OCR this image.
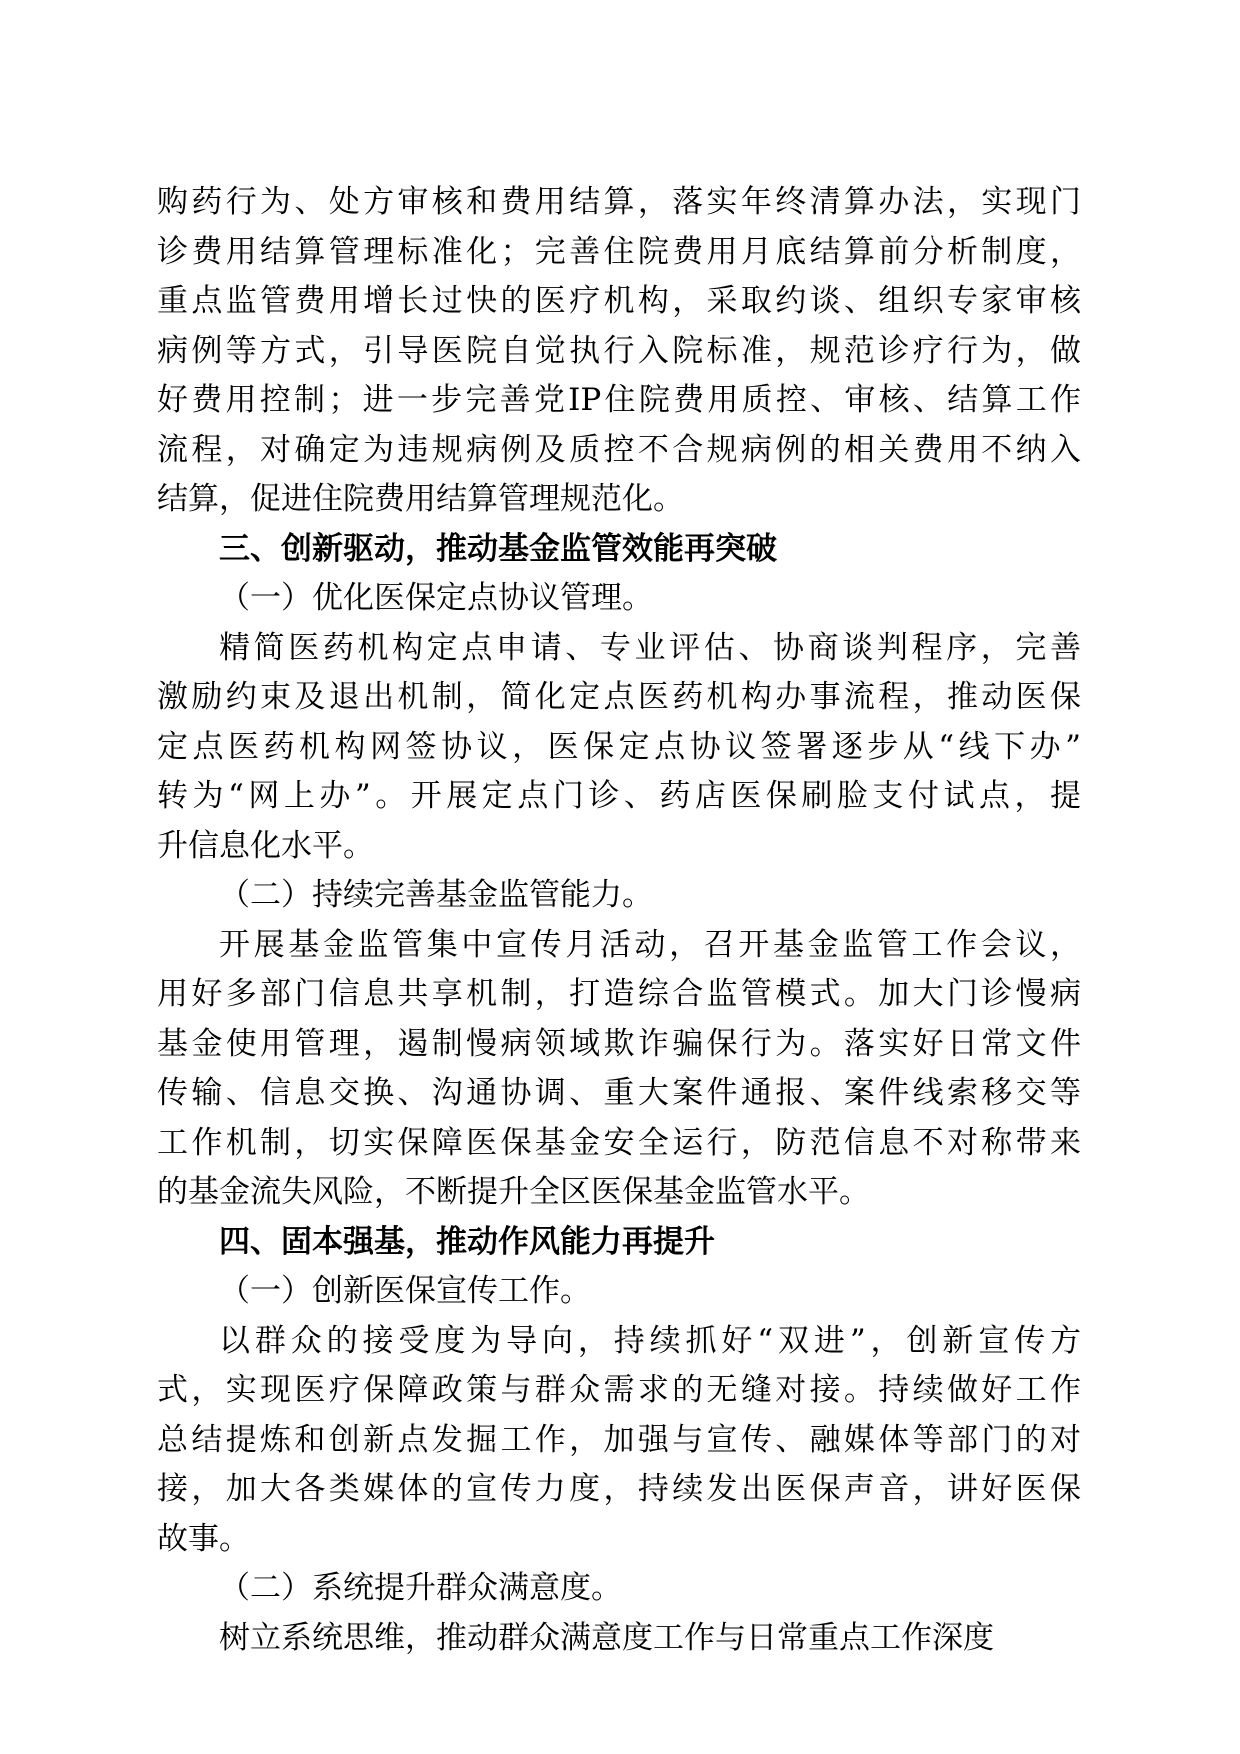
购药行为、处方审核和费用结算，落实年终清算办法，实现门
诊费用结算管理标准化；完善住院费用月底结算前分析制度，
重点监管费用增长过快的医疗机构，采取约谈、组织专家审核
病例等方式，引导医院自觉执行入院标准，规范诊疗行为，做
好费用控制；进一步完善党IP住院费用质控、审核、结算工作
流程，对确定为违规病例及质控不合规病例的相关费用不纳入
结算，促进住院费用结算管理规范化。
三、创新驱动，推动基金监管效能再突破
（一）优化医保定点协议管理。
精简医药机构定点申请、专业评估、协商谈判程序，完善
激励约束及退出机制，简化定点医药机构办事流程，推动医保
定点医药机构网签协议，医保定点协议签署逐步从“线下办”
转为“网上办”。开展定点门诊、药店医保刷脸支付试点，提
升信息化水平。
（二）持续完善基金监管能力。
开展基金监管集中宣传月活动，召开基金监管工作会议，
用好多部门信息共享机制，打造综合监管模式。加大门诊慢病
基金使用管理，遏制慢病领域欺诈骗保行为。落实好日常文件
传输、信息交换、沟通协调、重大案件通报、案件线索移交等
工作机制，切实保障医保基金安全运行，防范信息不对称带来
的基金流失风险，不断提升全区医保基金监管水平。
四、固本强基，推动作风能力再提升
（一）创新医保宣传工作。
以群众的接受度为导向，持续抓好“双进”，创新宣传方
式，实现医疗保障政策与群众需求的无缝对接。持续做好工作
总结提炼和创新点发掘工作，加强与宣传、融媒体等部门的对
接，加大各类媒体的宣传力度，持续发出医保声音，讲好医保
故事。
（二）系统提升群众满意度。
树立系统思维，推动群众满意度工作与日常重点工作深度
